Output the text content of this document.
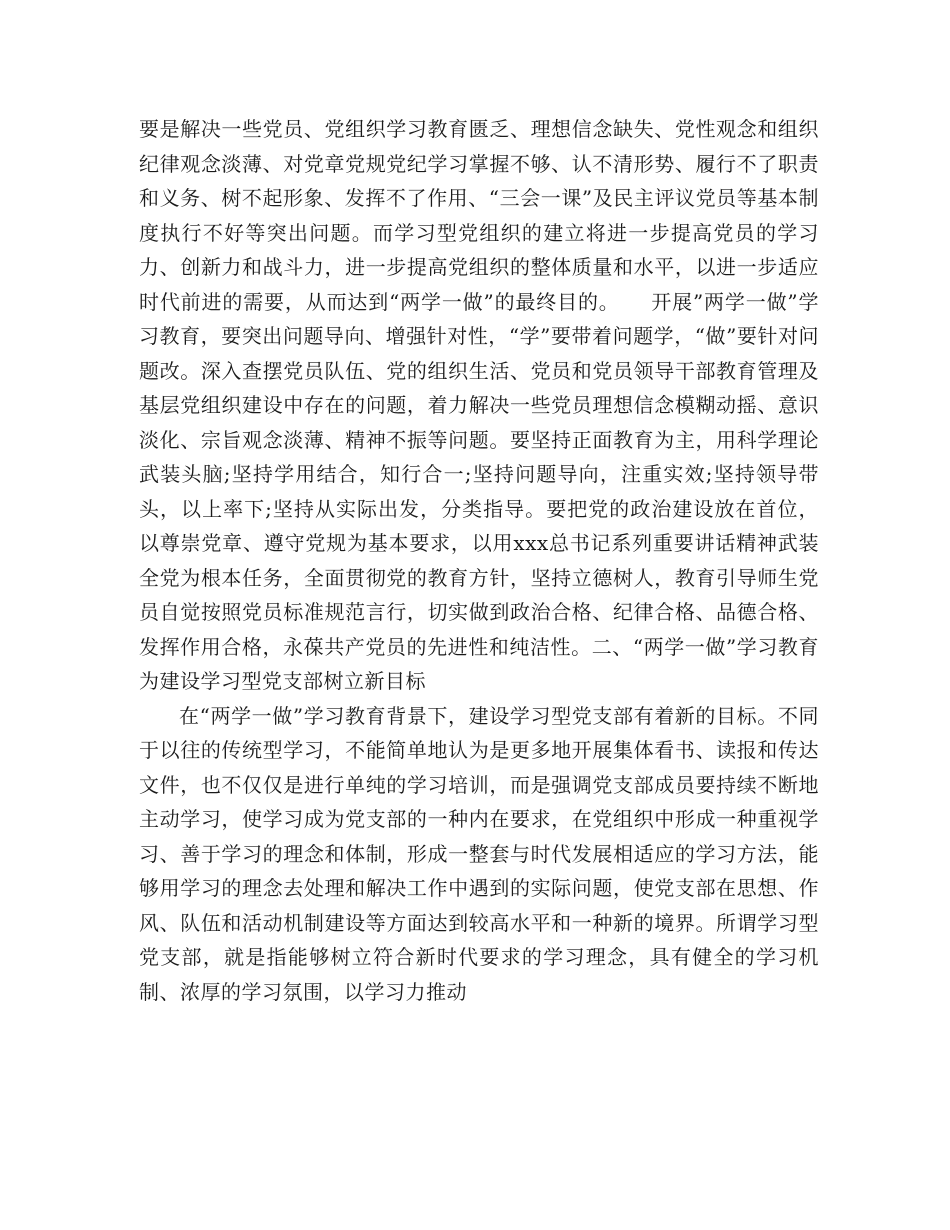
要是解决一些党员、党组织学习教育匮乏、理想信念缺失、党性观念和组织纪律观念淡薄、对党章党规党纪学习掌握不够、认不清形势、履行不了职责和义务、树不起形象、发挥不了作用、“三会一课”及民主评议党员等基本制度执行不好等突出问题。而学习型党组织的建立将进一步提高党员的学习力、创新力和战斗力，进一步提高党组织的整体质量和水平，以进一步适应时代前进的需要，从而达到“两学一做”的最终目的。　　开展”两学一做”学习教育，要突出问题导向、增强针对性，“学”要带着问题学，“做”要针对问题改。深入查摆党员队伍、党的组织生活、党员和党员领导干部教育管理及基层党组织建设中存在的问题，着力解决一些党员理想信念模糊动摇、意识淡化、宗旨观念淡薄、精神不振等问题。要坚持正面教育为主，用科学理论武装头脑;坚持学用结合，知行合一;坚持问题导向，注重实效;坚持领导带头，以上率下;坚持从实际出发，分类指导。要把党的政治建设放在首位，以尊崇党章、遵守党规为基本要求，以用xxx总书记系列重要讲话精神武装全党为根本任务，全面贯彻党的教育方针，坚持立德树人，教育引导师生党员自觉按照党员标准规范言行，切实做到政治合格、纪律合格、品德合格、发挥作用合格，永葆共产党员的先进性和纯洁性。二、“两学一做”学习教育为建设学习型党支部树立新目标

在“两学一做”学习教育背景下，建设学习型党支部有着新的目标。不同于以往的传统型学习，不能简单地认为是更多地开展集体看书、读报和传达文件，也不仅仅是进行单纯的学习培训，而是强调党支部成员要持续不断地主动学习，使学习成为党支部的一种内在要求，在党组织中形成一种重视学习、善于学习的理念和体制，形成一整套与时代发展相适应的学习方法，能够用学习的理念去处理和解决工作中遇到的实际问题，使党支部在思想、作风、队伍和活动机制建设等方面达到较高水平和一种新的境界。所谓学习型党支部，就是指能够树立符合新时代要求的学习理念，具有健全的学习机制、浓厚的学习氛围，以学习力推动
